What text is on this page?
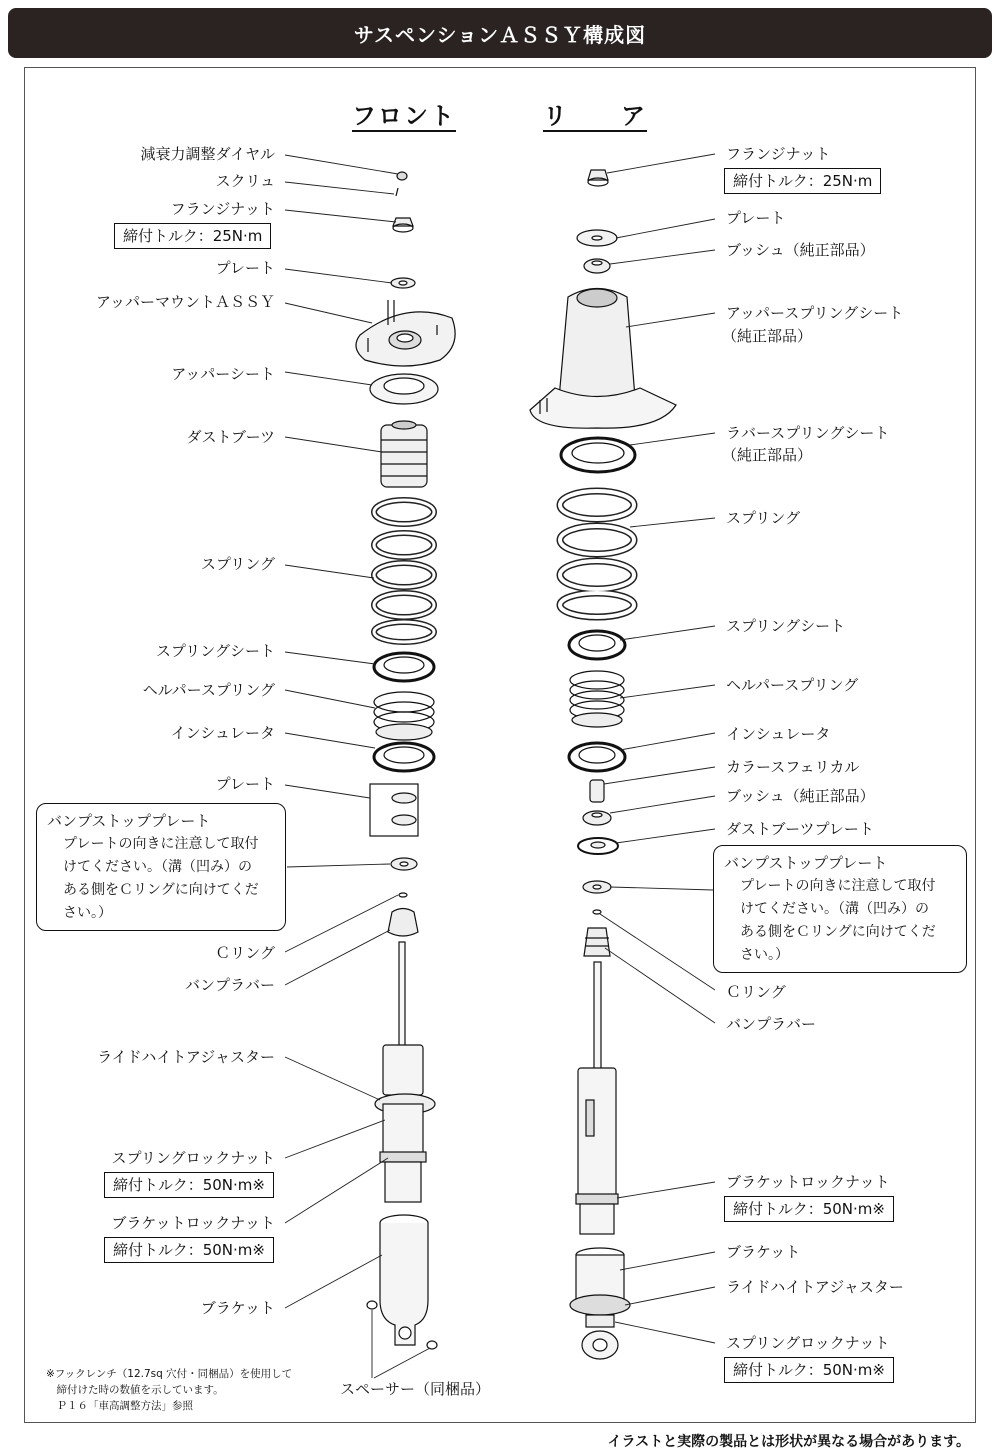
サスペンションＡＳＳＹ構成図
フロント	リ　　ア
減衰力調整ダイヤル
スクリュ
フランジナット
締付トルク：25N·m
プレート
アッパーマウントＡＳＳＹ
アッパーシート
ダストブーツ
スプリング
スプリングシート
ヘルパースプリング
インシュレータ
プレート
バンプストッププレート
プレートの向きに注意して取付
けてください。（溝（凹み）の
ある側をＣリングに向けてくだ
さい。）
Ｃリング
バンプラバー
ライドハイトアジャスター
スプリングロックナット
締付トルク：50N·m※
ブラケットロックナット
締付トルク：50N·m※
ブラケット
フランジナット
締付トルク：25N·m
プレート
ブッシュ（純正部品）
アッパースプリングシート
（純正部品）
ラバースプリングシート
（純正部品）
スプリング
スプリングシート
ヘルパースプリング
インシュレータ
カラースフェリカル
ブッシュ（純正部品）
ダストブーツプレート
バンプストッププレート
プレートの向きに注意して取付
けてください。（溝（凹み）の
ある側をＣリングに向けてくだ
さい。）
Ｃリング
バンプラバー
ブラケットロックナット
締付トルク：50N·m※
ブラケット
ライドハイトアジャスター
スプリングロックナット
締付トルク：50N·m※
※フックレンチ（12.7sq 穴付・同梱品）を使用して
　締付けた時の数値を示しています。
　Ｐ１６「車高調整方法」参照
スペーサー（同梱品）
イラストと実際の製品とは形状が異なる場合があります。
